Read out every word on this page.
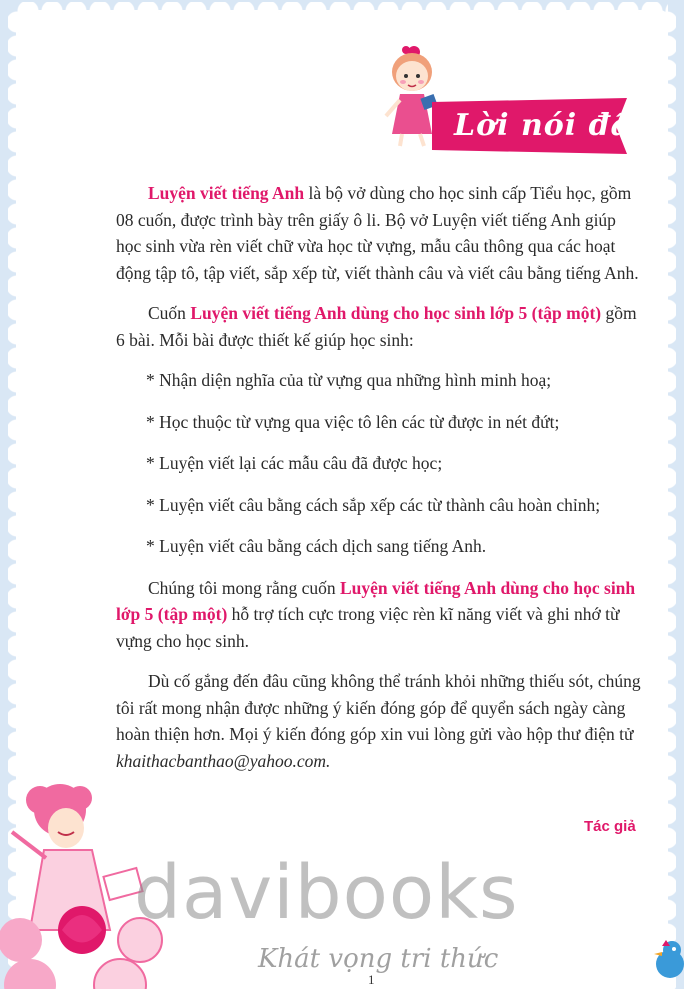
Lời nói đầu

Luyện viết tiếng Anh là bộ vở dùng cho học sinh cấp Tiểu học, gồm 08 cuốn, được trình bày trên giấy ô li. Bộ vở Luyện viết tiếng Anh giúp học sinh vừa rèn viết chữ vừa học từ vựng, mẫu câu thông qua các hoạt động tập tô, tập viết, sắp xếp từ, viết thành câu và viết câu bằng tiếng Anh.

Cuốn Luyện viết tiếng Anh dùng cho học sinh lớp 5 (tập một) gồm 6 bài. Mỗi bài được thiết kế giúp học sinh:

* Nhận diện nghĩa của từ vựng qua những hình minh hoạ;

* Học thuộc từ vựng qua việc tô lên các từ được in nét đứt;

* Luyện viết lại các mẫu câu đã được học;

* Luyện viết câu bằng cách sắp xếp các từ thành câu hoàn chỉnh;

* Luyện viết câu bằng cách dịch sang tiếng Anh.

Chúng tôi mong rằng cuốn Luyện viết tiếng Anh dùng cho học sinh lớp 5 (tập một) hỗ trợ tích cực trong việc rèn kĩ năng viết và ghi nhớ từ vựng cho học sinh.

Dù cố gắng đến đâu cũng không thể tránh khỏi những thiếu sót, chúng tôi rất mong nhận được những ý kiến đóng góp để quyển sách ngày càng hoàn thiện hơn. Mọi ý kiến đóng góp xin vui lòng gửi vào hộp thư điện tử khaithacbanthao@yahoo.com.

Tác giả
davibooks
Khát vọng tri thức
1
